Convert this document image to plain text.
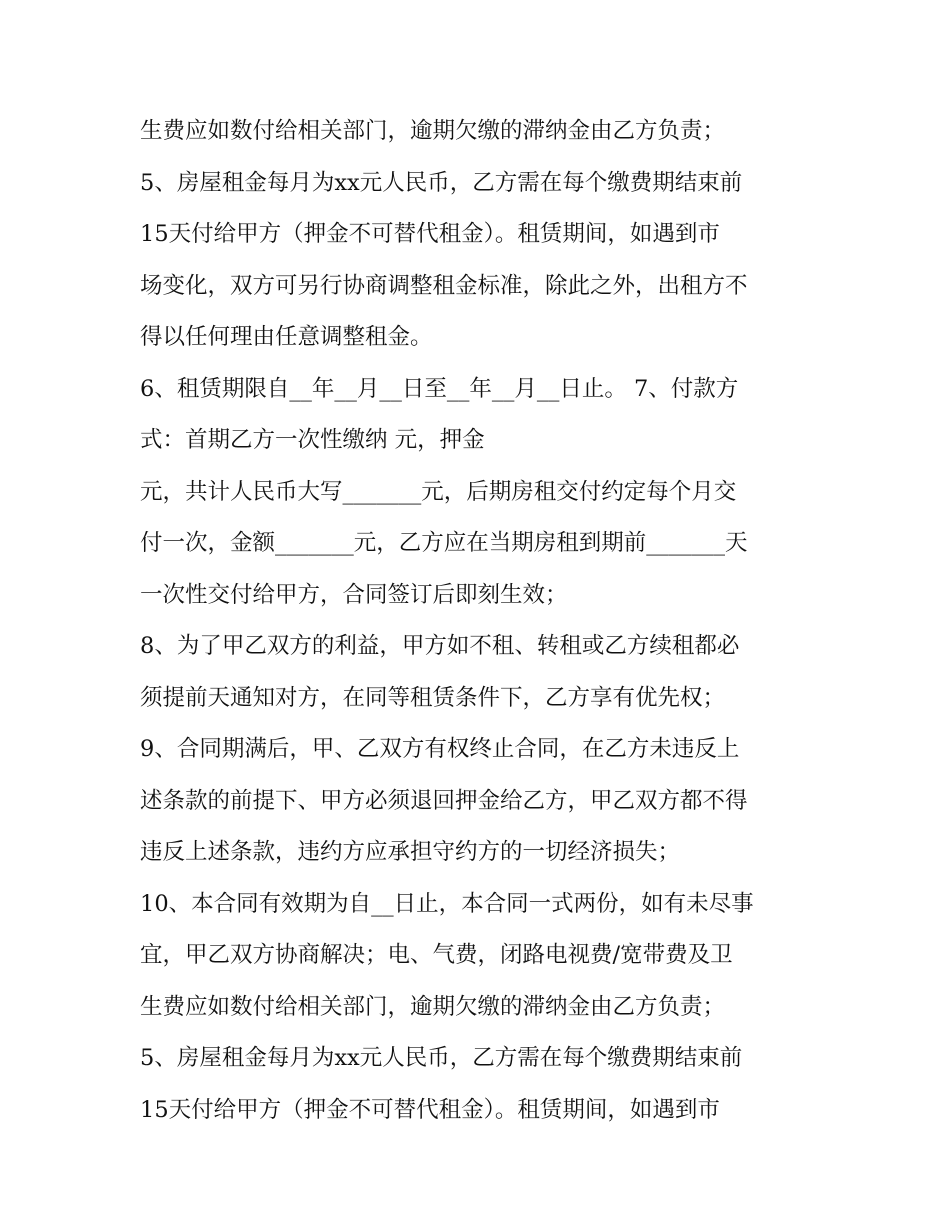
生费应如数付给相关部门，逾期欠缴的滞纳金由乙方负责；
5、房屋租金每月为xx元人民币，乙方需在每个缴费期结束前
15天付给甲方（押金不可替代租金）。租赁期间，如遇到市
场变化，双方可另行协商调整租金标准，除此之外，出租方不
得以任何理由任意调整租金。
6、租赁期限自__年__月__日至__年__月__日止。 7、付款方
式：首期乙方一次性缴纳 元，押金
元，共计人民币大写_______元，后期房租交付约定每个月交
付一次，金额_______元，乙方应在当期房租到期前_______天
一次性交付给甲方，合同签订后即刻生效；
8、为了甲乙双方的利益，甲方如不租、转租或乙方续租都必
须提前天通知对方，在同等租赁条件下，乙方享有优先权；
9、合同期满后，甲、乙双方有权终止合同，在乙方未违反上
述条款的前提下、甲方必须退回押金给乙方，甲乙双方都不得
违反上述条款，违约方应承担守约方的一切经济损失；
10、本合同有效期为自__日止，本合同一式两份，如有未尽事
宜，甲乙双方协商解决；电、气费，闭路电视费/宽带费及卫
生费应如数付给相关部门，逾期欠缴的滞纳金由乙方负责；
5、房屋租金每月为xx元人民币，乙方需在每个缴费期结束前
15天付给甲方（押金不可替代租金）。租赁期间，如遇到市
